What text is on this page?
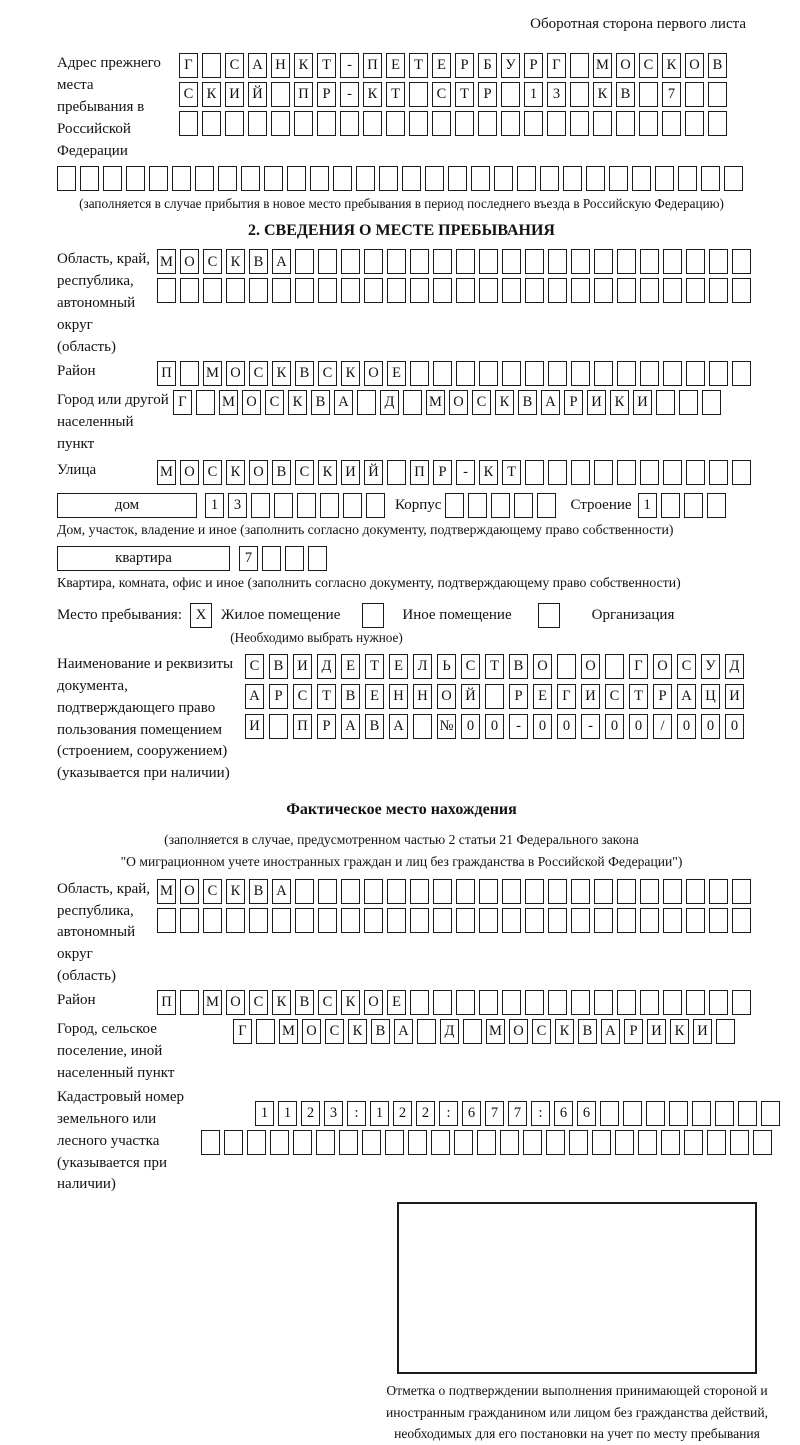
Оборотная сторона первого листа
Адрес прежнего места пребывания в Российской Федерации
Г	С А Н К Т	-	П Е Т Е	Р	Б У Р	Г	М О С К О В
С К И Й П Р	-	К Т	С Т	Р	1	3	К В	7
(заполняется в случае прибытия в новое место пребывания в период последнего въезда в Российскую Федерацию)
2. СВЕДЕНИЯ О МЕСТЕ ПРЕБЫВАНИЯ
Область, край, республика, автономный округ (область)
М О С К В А
Район	П М О С К В С К О Е
Город или другой населенный пункт
Г	М О С К В А	Д	М О С К В А Р И К И
Улица	М О С К О В С К И Й П Р	-	К Т
дом	1	3	Корпус	Строение 1
Дом, участок, владение и иное (заполнить согласно документу, подтверждающему право собственности)
квартира	7
Квартира, комната, офис и иное (заполнить согласно документу, подтверждающему право собственности)
Место пребывания: X Жилое помещение	Иное помещение	Организация
(Необходимо выбрать нужное)
Наименование и реквизиты документа, подтверждающего право пользования помещением (строением, сооружением) (указывается при наличии)
С В И Д	Е	Т	Е	Л	Ь	С	Т	В О	О	Г	О С У Д
А	Р	С	Т	В	Е Н Н О Й	Р	Е	Г	И С	Т	Р	А Ц И
И	П	Р	А В А № 0	0	-	0	0	-	0	0	/	0	0	0
Фактическое место нахождения
(заполняется в случае, предусмотренном частью 2 статьи 21 Федерального закона
"О миграционном учете иностранных граждан и лиц без гражданства в Российской Федерации")
Область, край, республика, автономный округ (область)
М О С К В А
Район	П М О С К В С К О Е
Город, сельское поселение, иной населенный пункт
Г	М О С К В А	Д	М О С К В А Р И К И
Кадастровый номер земельного или лесного участка (указывается при наличии)
1	1	2	3	:	1	2	2	:	6	7	7	:	6	6
Отметка о подтверждении выполнения принимающей стороной и иностранным гражданином или лицом без гражданства действий, необходимых для его постановки на учет по месту пребывания
